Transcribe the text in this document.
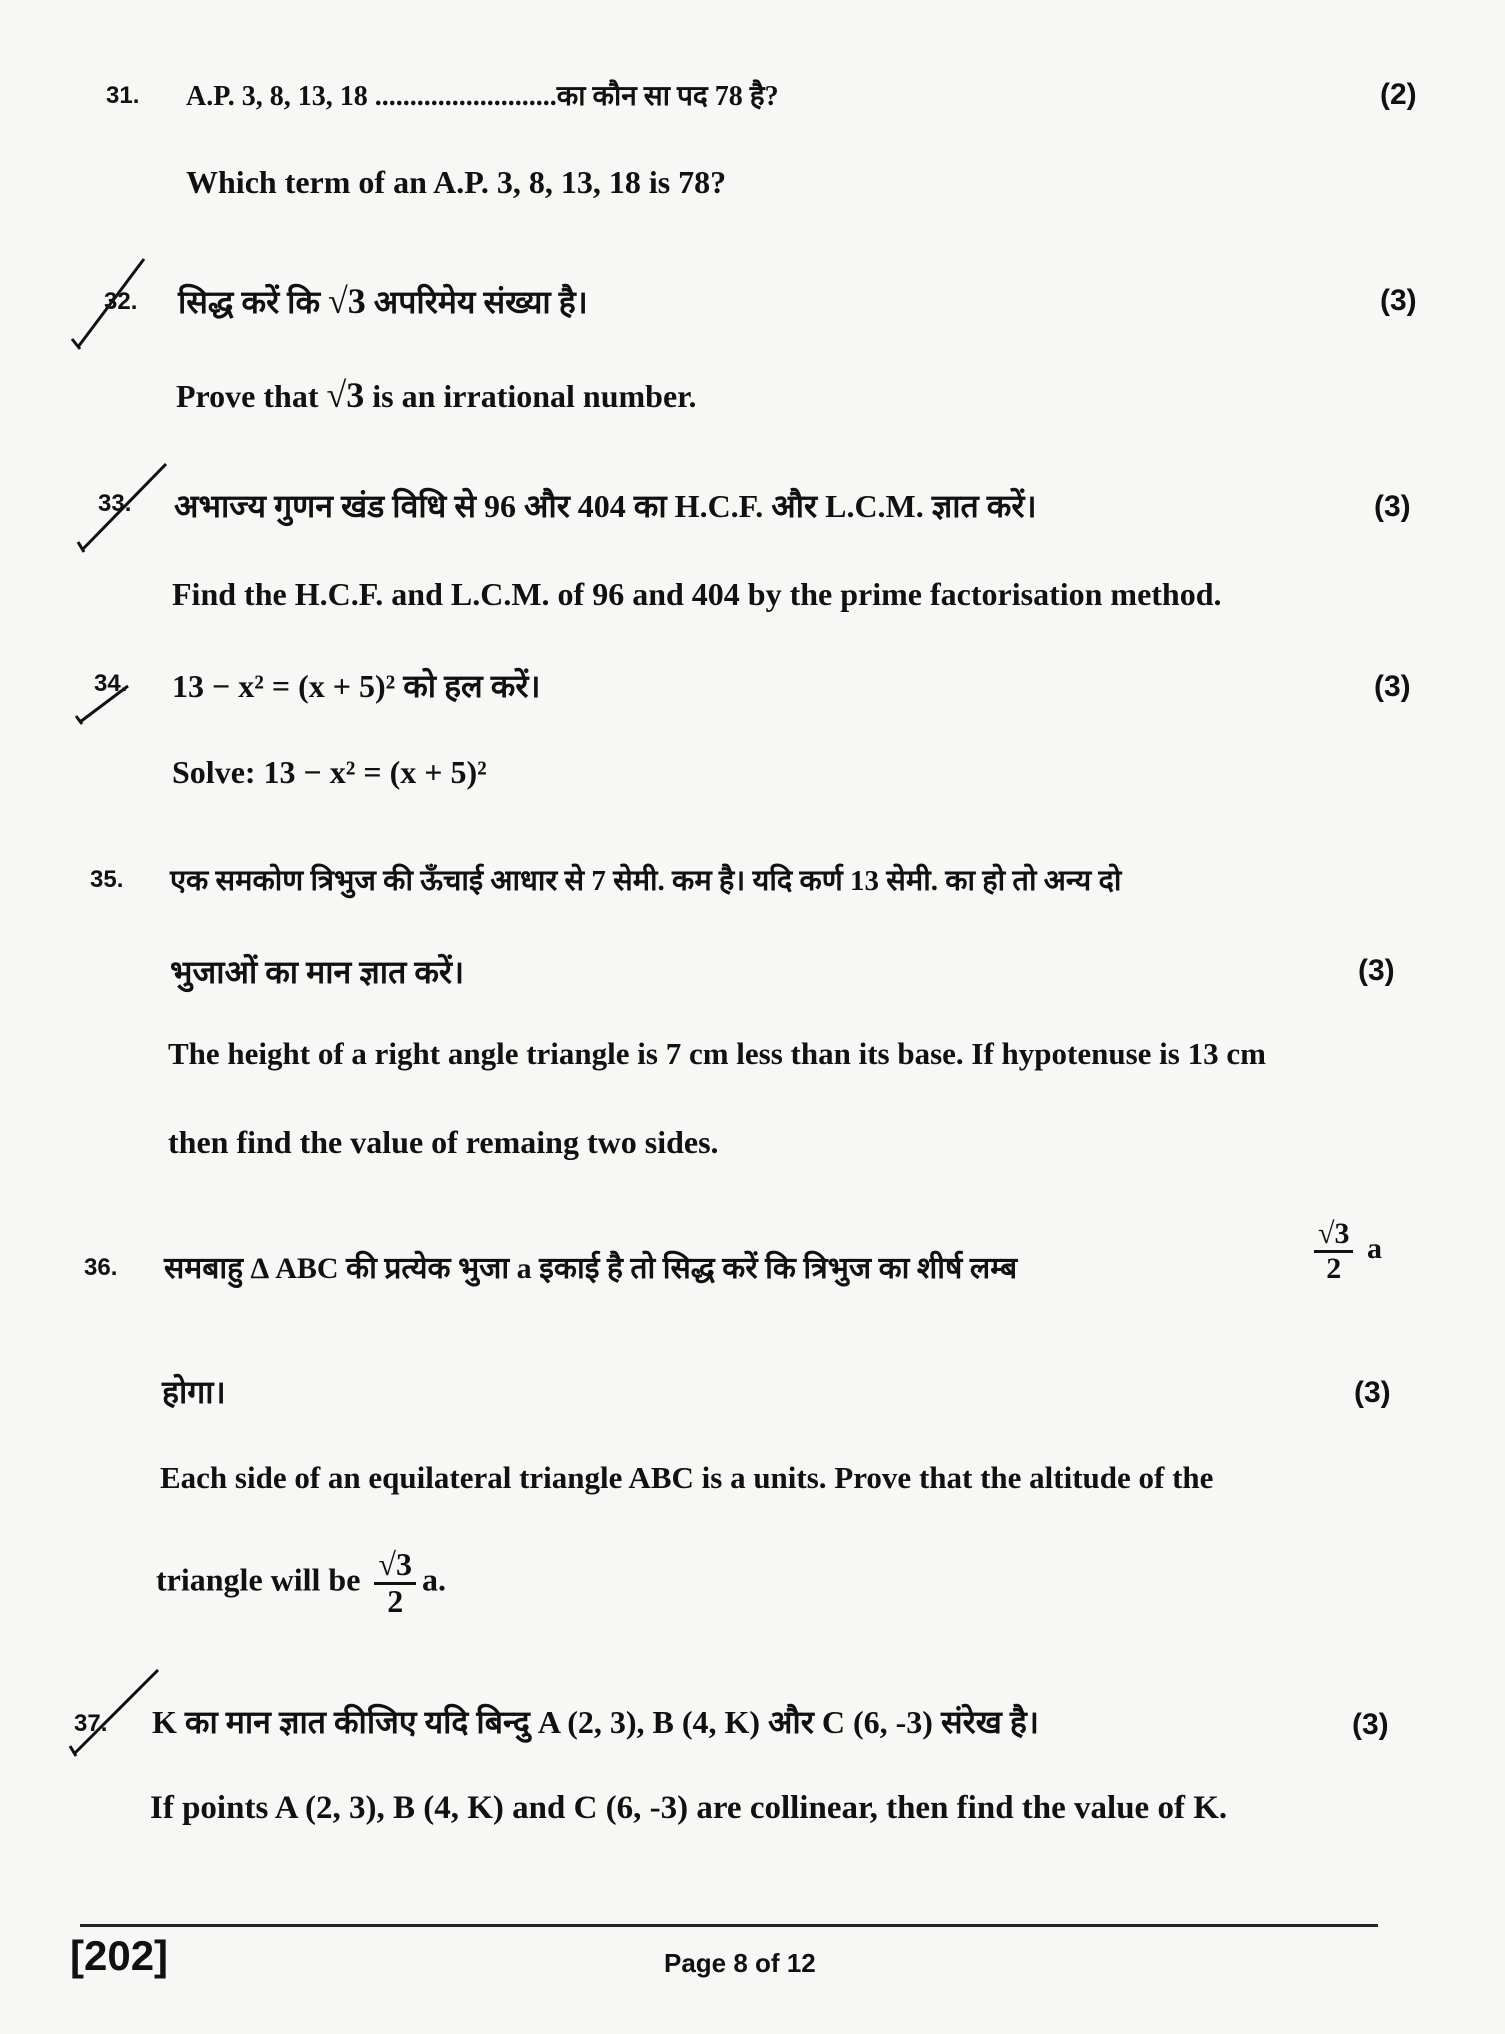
31. A.P. 3, 8, 13, 18 ..........................का कौन सा पद 78 है?	(2)
Which term of an A.P. 3, 8, 13, 18 is 78?
32. सिद्ध करें कि √3 अपरिमेय संख्या है।	(3)
Prove that √3 is an irrational number.
33. अभाज्य गुणन खंड विधि से 96 और 404 का H.C.F. और L.C.M. ज्ञात करें।	(3)
Find the H.C.F. and L.C.M. of 96 and 404 by the prime factorisation method.
34. 13 − x² = (x + 5)² को हल करें।	(3)
Solve: 13 − x² = (x + 5)²
35. एक समकोण त्रिभुज की ऊँचाई आधार से 7 सेमी. कम है। यदि कर्ण 13 सेमी. का हो तो अन्य दो
भुजाओं का मान ज्ञात करें।	(3)
The height of a right angle triangle is 7 cm less than its base. If hypotenuse is 13 cm
then find the value of remaing two sides.
36. समबाहु Δ ABC की प्रत्येक भुजा a इकाई है तो सिद्ध करें कि त्रिभुज का शीर्ष लम्ब	$\frac{√3}{2}$ a
होगा।	(3)
Each side of an equilateral triangle ABC is a units. Prove that the altitude of the
triangle will be $\frac{√3}{2} a$.
37. K का मान ज्ञात कीजिए यदि बिन्दु A (2, 3), B (4, K) और C (6, -3) संरेख है।	(3)
If points A (2, 3), B (4, K) and C (6, -3) are collinear, then find the value of K.
[202]	Page 8 of 12
